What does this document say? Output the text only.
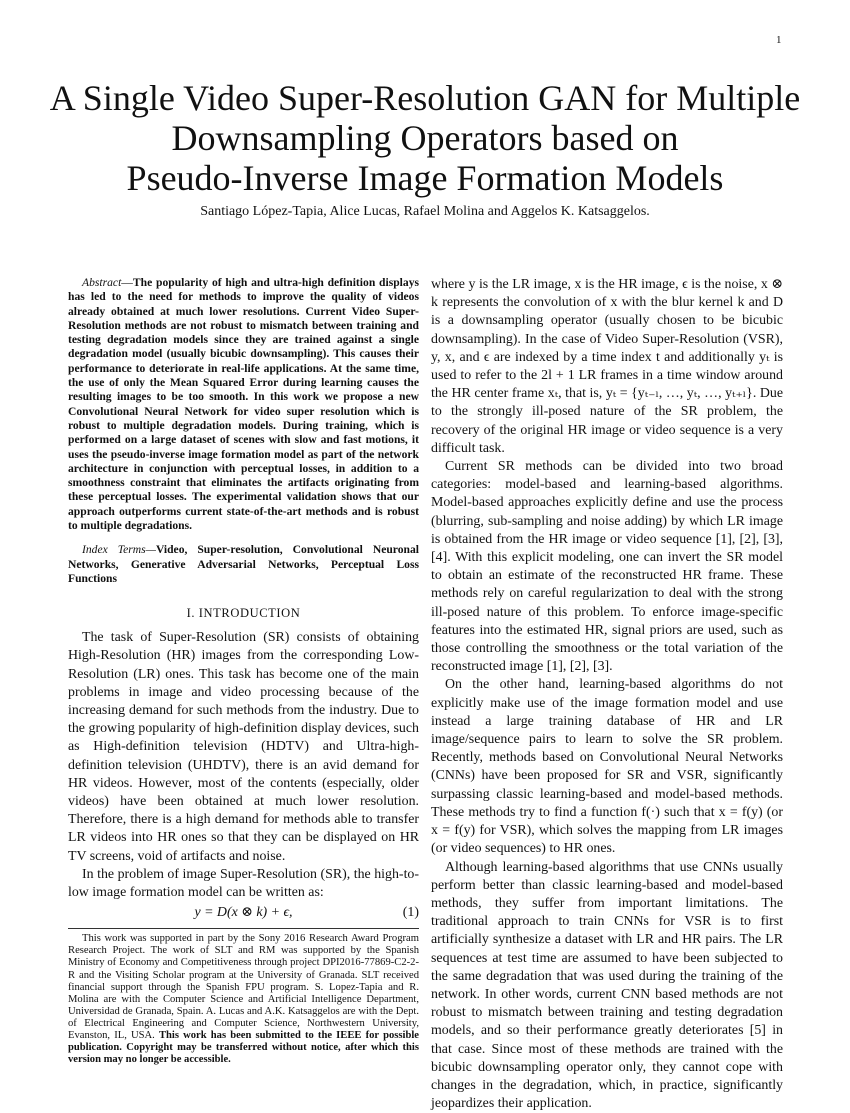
1
A Single Video Super-Resolution GAN for Multiple
Downsampling Operators based on
Pseudo-Inverse Image Formation Models
Santiago López-Tapia, Alice Lucas, Rafael Molina and Aggelos K. Katsaggelos.

Abstract—The popularity of high and ultra-high definition displays has led to the need for methods to improve the quality of videos already obtained at much lower resolutions. Current Video Super-Resolution methods are not robust to mismatch between training and testing degradation models since they are trained against a single degradation model (usually bicubic downsampling). This causes their performance to deteriorate in real-life applications. At the same time, the use of only the Mean Squared Error during learning causes the resulting images to be too smooth. In this work we propose a new Convolutional Neural Network for video super resolution which is robust to multiple degradation models. During training, which is performed on a large dataset of scenes with slow and fast motions, it uses the pseudo-inverse image formation model as part of the network architecture in conjunction with perceptual losses, in addition to a smoothness constraint that eliminates the artifacts originating from these perceptual losses. The experimental validation shows that our approach outperforms current state-of-the-art methods and is robust to multiple degradations.

Index Terms—Video, Super-resolution, Convolutional Neuronal Networks, Generative Adversarial Networks, Perceptual Loss Functions

I. INTRODUCTION

The task of Super-Resolution (SR) consists of obtaining High-Resolution (HR) images from the corresponding Low-Resolution (LR) ones. This task has become one of the main problems in image and video processing because of the increasing demand for such methods from the industry. Due to the growing popularity of high-definition display devices, such as High-definition television (HDTV) and Ultra-high-definition television (UHDTV), there is an avid demand for HR videos. However, most of the contents (especially, older videos) have been obtained at much lower resolution. Therefore, there is a high demand for methods able to transfer LR videos into HR ones so that they can be displayed on HR TV screens, void of artifacts and noise.

In the problem of image Super-Resolution (SR), the high-to-low image formation model can be written as:

y = D(x ⊗ k) + ϵ,	(1)

This work was supported in part by the Sony 2016 Research Award Program Research Project. The work of SLT and RM was supported by the Spanish Ministry of Economy and Competitiveness through project DPI2016-77869-C2-2-R and the Visiting Scholar program at the University of Granada. SLT received financial support through the Spanish FPU program. S. Lopez-Tapia and R. Molina are with the Computer Science and Artificial Intelligence Department, Universidad de Granada, Spain. A. Lucas and A.K. Katsaggelos are with the Dept. of Electrical Engineering and Computer Science, Northwestern University, Evanston, IL, USA. This work has been submitted to the IEEE for possible publication. Copyright may be transferred without notice, after which this version may no longer be accessible.

where y is the LR image, x is the HR image, ϵ is the noise, x ⊗ k represents the convolution of x with the blur kernel k and D is a downsampling operator (usually chosen to be bicubic downsampling). In the case of Video Super-Resolution (VSR), y, x, and ϵ are indexed by a time index t and additionally yₜ is used to refer to the 2l + 1 LR frames in a time window around the HR center frame xₜ, that is, yₜ = {yₜ₋ₗ, …, yₜ, …, yₜ₊ₗ}. Due to the strongly ill-posed nature of the SR problem, the recovery of the original HR image or video sequence is a very difficult task.

Current SR methods can be divided into two broad categories: model-based and learning-based algorithms. Model-based approaches explicitly define and use the process (blurring, sub-sampling and noise adding) by which LR image is obtained from the HR image or video sequence [1], [2], [3], [4]. With this explicit modeling, one can invert the SR model to obtain an estimate of the reconstructed HR frame. These methods rely on careful regularization to deal with the strong ill-posed nature of this problem. To enforce image-specific features into the estimated HR, signal priors are used, such as those controlling the smoothness or the total variation of the reconstructed image [1], [2], [3].

On the other hand, learning-based algorithms do not explicitly make use of the image formation model and use instead a large training database of HR and LR image/sequence pairs to learn to solve the SR problem. Recently, methods based on Convolutional Neural Networks (CNNs) have been proposed for SR and VSR, significantly surpassing classic learning-based and model-based methods. These methods try to find a function f(·) such that x = f(y) (or x = f(y) for VSR), which solves the mapping from LR images (or video sequences) to HR ones.

Although learning-based algorithms that use CNNs usually perform better than classic learning-based and model-based methods, they suffer from important limitations. The traditional approach to train CNNs for VSR is to first artificially synthesize a dataset with LR and HR pairs. The LR sequences at test time are assumed to have been subjected to the same degradation that was used during the training of the network. In other words, current CNN based methods are not robust to mismatch between training and testing degradation models, and so their performance greatly deteriorates [5] in that case. Since most of these methods are trained with the bicubic downsampling operator only, they cannot cope with changes in the degradation, which, in practice, significantly jeopardizes their application.
